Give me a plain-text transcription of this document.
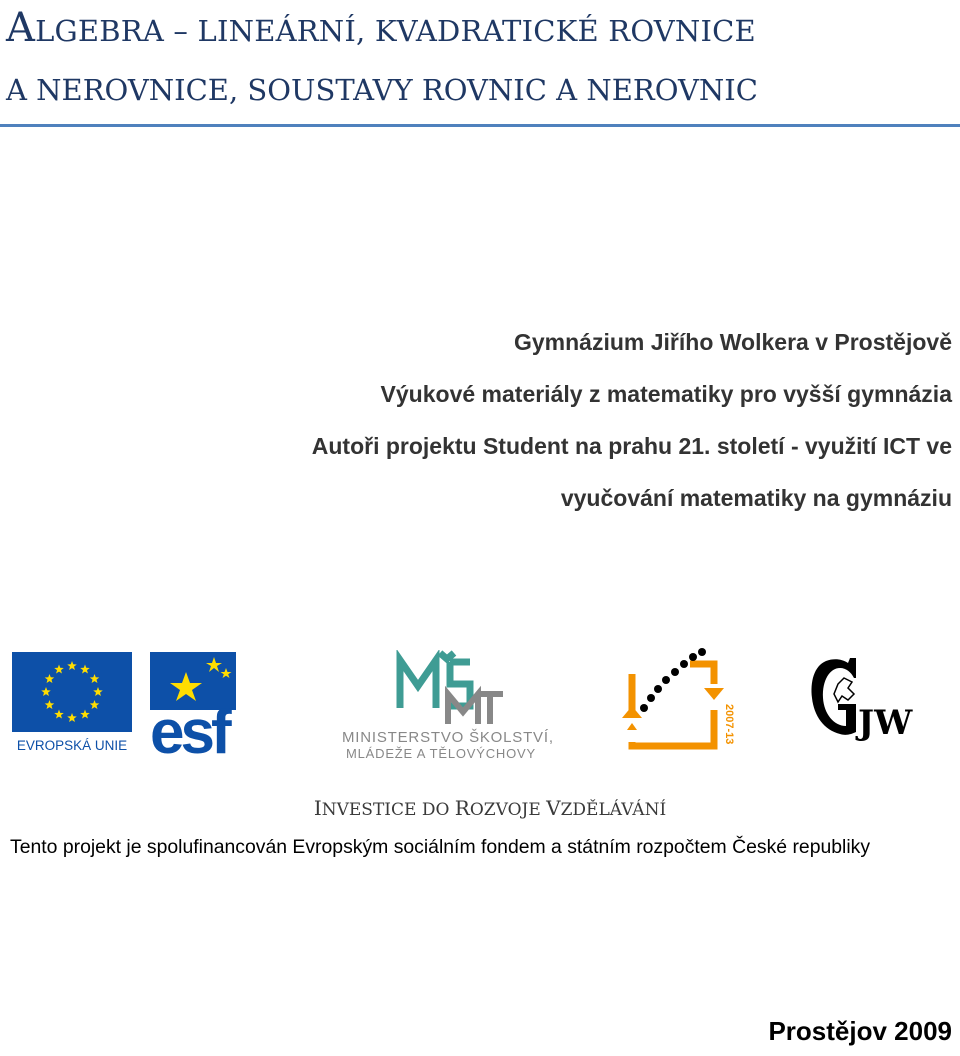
ALGEBRA – LINEÁRNÍ, KVADRATICKÉ ROVNICE
A NEROVNICE, SOUSTAVY ROVNIC A NEROVNIC
Gymnázium Jiřího Wolkera v Prostějově
Výukové materiály z matematiky pro vyšší gymnázia
Autoři projektu Student na prahu 21. století - využití ICT ve
vyučování matematiky na gymnáziu
EVROPSKÁ UNIE esf	MINISTERSTVO ŠKOLSTVÍ,
MLÁDEŽE A TĚLOVÝCHOVY
2007-13	JW
INVESTICE DO ROZVOJE VZDĚLÁVÁNÍ
Tento projekt je spolufinancován Evropským sociálním fondem a státním rozpočtem České republiky
Prostějov 2009
